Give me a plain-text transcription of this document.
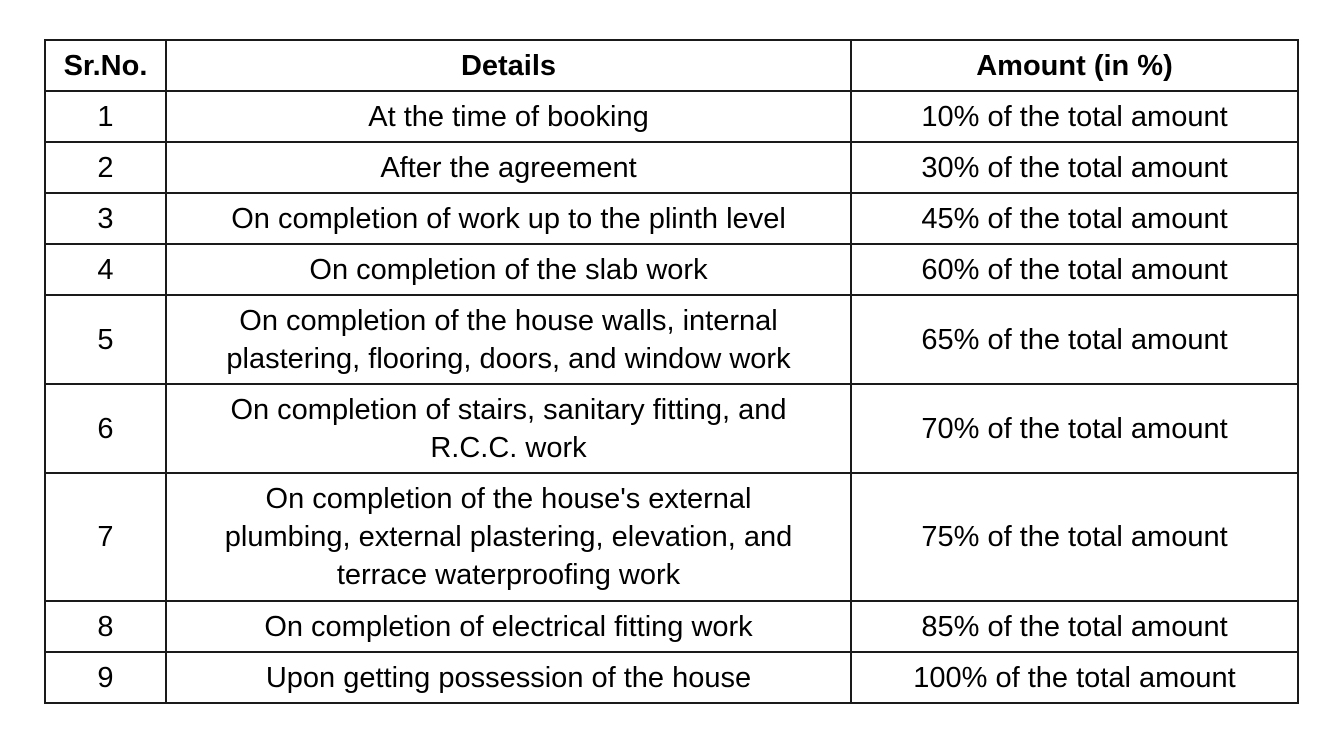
Sr.No.	Details	Amount (in %)
1	At the time of booking	10% of the total amount
2	After the agreement	30% of the total amount
3	On completion of work up to the plinth level	45% of the total amount
4	On completion of the slab work	60% of the total amount
5	On completion of the house walls, internal
plastering, flooring, doors, and window work	65% of the total amount
6	On completion of stairs, sanitary fitting, and
R.C.C. work	70% of the total amount
7	On completion of the house's external
plumbing, external plastering, elevation, and
terrace waterproofing work	75% of the total amount
8	On completion of electrical fitting work	85% of the total amount
9	Upon getting possession of the house	100% of the total amount
